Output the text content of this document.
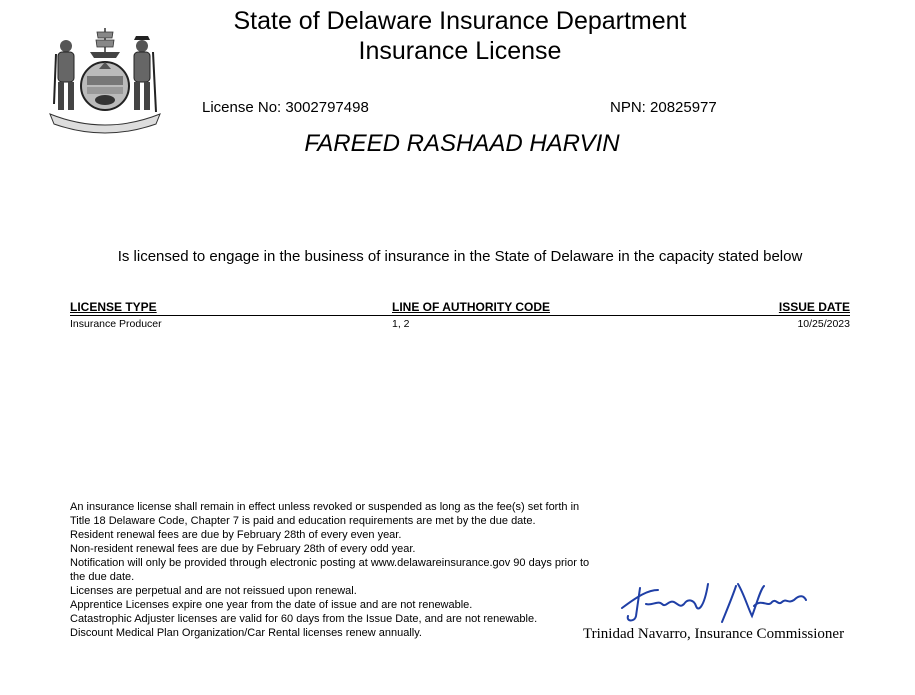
State of Delaware Insurance Department
Insurance License
License No: 3002797498	NPN: 20825977
FAREED RASHAAD HARVIN
Is licensed to engage in the business of insurance in the State of Delaware in the capacity stated below
LICENSE TYPE	LINE OF AUTHORITY CODE	ISSUE DATE
Insurance Producer	1, 2	10/25/2023
An insurance license shall remain in effect unless revoked or suspended as long as the fee(s) set forth in Title 18 Delaware Code, Chapter 7 is paid and education requirements are met by the due date.
Resident renewal fees are due by February 28th of every even year.
Non-resident renewal fees are due by February 28th of every odd year.
Notification will only be provided through electronic posting at www.delawareinsurance.gov 90 days prior to the due date.
Licenses are perpetual and are not reissued upon renewal.
Apprentice Licenses expire one year from the date of issue and are not renewable.
Catastrophic Adjuster licenses are valid for 60 days from the Issue Date, and are not renewable.
Discount Medical Plan Organization/Car Rental licenses renew annually.	Trinidad Navarro, Insurance Commissioner
